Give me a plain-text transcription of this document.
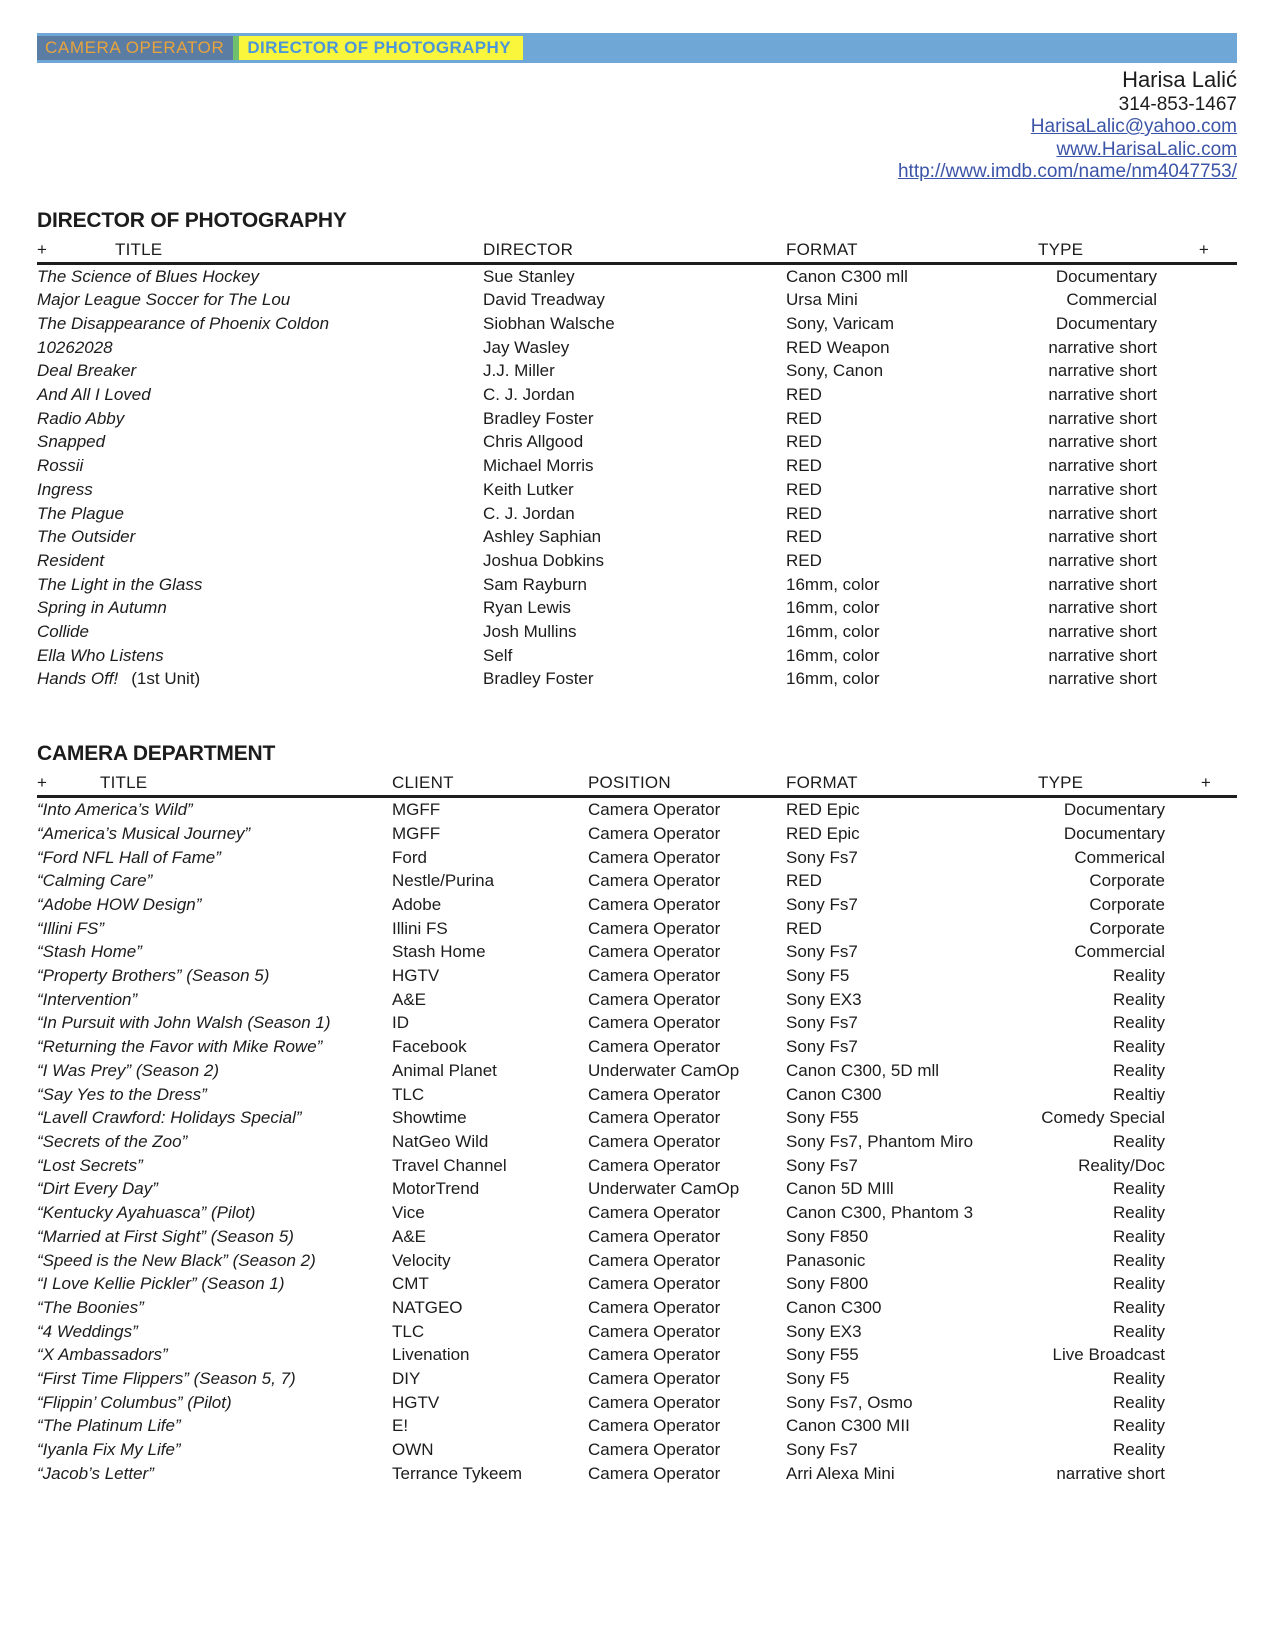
CAMERA OPERATOR	DIRECTOR OF PHOTOGRAPHY
Harisa Lalić
314-853-1467
HarisaLalic@yahoo.com
www.HarisaLalic.com
http://www.imdb.com/name/nm4047753/
DIRECTOR OF PHOTOGRAPHY
+	TITLE	DIRECTOR	FORMAT	TYPE	+
The Science of Blues Hockey	Sue Stanley	Canon C300 mll	Documentary
Major League Soccer for The Lou	David Treadway	Ursa Mini	Commercial
The Disappearance of Phoenix Coldon	Siobhan Walsche	Sony, Varicam	Documentary
10262028	Jay Wasley	RED Weapon	narrative short
Deal Breaker	J.J. Miller	Sony, Canon	narrative short
And All I Loved	C. J. Jordan	RED	narrative short
Radio Abby	Bradley Foster	RED	narrative short
Snapped	Chris Allgood	RED	narrative short
Rossii	Michael Morris	RED	narrative short
Ingress	Keith Lutker	RED	narrative short
The Plague	C. J. Jordan	RED	narrative short
The Outsider	Ashley Saphian	RED	narrative short
Resident	Joshua Dobkins	RED	narrative short
The Light in the Glass	Sam Rayburn	16mm, color	narrative short
Spring in Autumn	Ryan Lewis	16mm, color	narrative short
Collide	Josh Mullins	16mm, color	narrative short
Ella Who Listens	Self	16mm, color	narrative short
Hands Off! (1st Unit)	Bradley Foster	16mm, color	narrative short
CAMERA DEPARTMENT
+	TITLE	CLIENT	POSITION	FORMAT	TYPE	+
“Into America’s Wild”	MGFF	Camera Operator	RED Epic	Documentary
“America’s Musical Journey”	MGFF	Camera Operator	RED Epic	Documentary
“Ford NFL Hall of Fame”	Ford	Camera Operator	Sony Fs7	Commerical
“Calming Care”	Nestle/Purina	Camera Operator	RED	Corporate
“Adobe HOW Design”	Adobe	Camera Operator	Sony Fs7	Corporate
“Illini FS”	Illini FS	Camera Operator	RED	Corporate
“Stash Home”	Stash Home	Camera Operator	Sony Fs7	Commercial
“Property Brothers” (Season 5)	HGTV	Camera Operator	Sony F5	Reality
“Intervention”	A&E	Camera Operator	Sony EX3	Reality
“In Pursuit with John Walsh (Season 1)	ID	Camera Operator	Sony Fs7	Reality
“Returning the Favor with Mike Rowe”	Facebook	Camera Operator	Sony Fs7	Reality
“I Was Prey” (Season 2)	Animal Planet	Underwater CamOp	Canon C300, 5D mll	Reality
“Say Yes to the Dress”	TLC	Camera Operator	Canon C300	Realtiy
“Lavell Crawford: Holidays Special”	Showtime	Camera Operator	Sony F55	Comedy Special
“Secrets of the Zoo”	NatGeo Wild	Camera Operator	Sony Fs7, Phantom Miro	Reality
“Lost Secrets”	Travel Channel	Camera Operator	Sony Fs7	Reality/Doc
“Dirt Every Day”	MotorTrend	Underwater CamOp	Canon 5D MIll	Reality
“Kentucky Ayahuasca” (Pilot)	Vice	Camera Operator	Canon C300, Phantom 3	Reality
“Married at First Sight” (Season 5)	A&E	Camera Operator	Sony F850	Reality
“Speed is the New Black” (Season 2)	Velocity	Camera Operator	Panasonic	Reality
“I Love Kellie Pickler” (Season 1)	CMT	Camera Operator	Sony F800	Reality
“The Boonies”	NATGEO	Camera Operator	Canon C300	Reality
“4 Weddings”	TLC	Camera Operator	Sony EX3	Reality
“X Ambassadors”	Livenation	Camera Operator	Sony F55	Live Broadcast
“First Time Flippers” (Season 5, 7)	DIY	Camera Operator	Sony F5	Reality
“Flippin’ Columbus” (Pilot)	HGTV	Camera Operator	Sony Fs7, Osmo	Reality
“The Platinum Life”	E!	Camera Operator	Canon C300 MII	Reality
“Iyanla Fix My Life”	OWN	Camera Operator	Sony Fs7	Reality
“Jacob’s Letter”	Terrance Tykeem	Camera Operator	Arri Alexa Mini	narrative short
